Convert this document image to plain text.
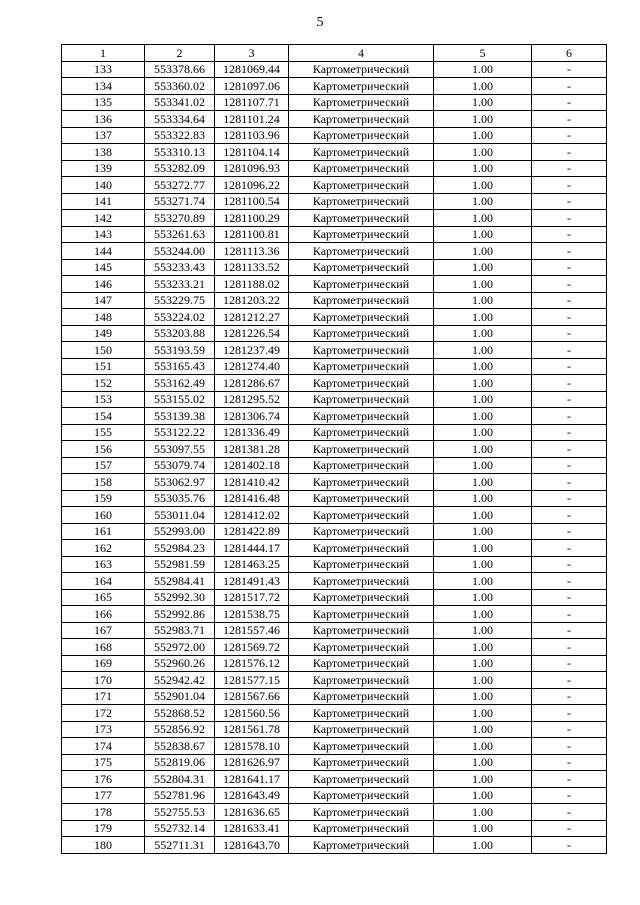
5
1	2	3	4	5	6
133	553378.66	1281069.44	Картометрический	1.00	-
134	553360.02	1281097.06	Картометрический	1.00	-
135	553341.02	1281107.71	Картометрический	1.00	-
136	553334.64	1281101.24	Картометрический	1.00	-
137	553322.83	1281103.96	Картометрический	1.00	-
138	553310.13	1281104.14	Картометрический	1.00	-
139	553282.09	1281096.93	Картометрический	1.00	-
140	553272.77	1281096.22	Картометрический	1.00	-
141	553271.74	1281100.54	Картометрический	1.00	-
142	553270.89	1281100.29	Картометрический	1.00	-
143	553261.63	1281100.81	Картометрический	1.00	-
144	553244.00	1281113.36	Картометрический	1.00	-
145	553233.43	1281133.52	Картометрический	1.00	-
146	553233.21	1281188.02	Картометрический	1.00	-
147	553229.75	1281203.22	Картометрический	1.00	-
148	553224.02	1281212.27	Картометрический	1.00	-
149	553203.88	1281226.54	Картометрический	1.00	-
150	553193.59	1281237.49	Картометрический	1.00	-
151	553165.43	1281274.40	Картометрический	1.00	-
152	553162.49	1281286.67	Картометрический	1.00	-
153	553155.02	1281295.52	Картометрический	1.00	-
154	553139.38	1281306.74	Картометрический	1.00	-
155	553122.22	1281336.49	Картометрический	1.00	-
156	553097.55	1281381.28	Картометрический	1.00	-
157	553079.74	1281402.18	Картометрический	1.00	-
158	553062.97	1281410.42	Картометрический	1.00	-
159	553035.76	1281416.48	Картометрический	1.00	-
160	553011.04	1281412.02	Картометрический	1.00	-
161	552993.00	1281422.89	Картометрический	1.00	-
162	552984.23	1281444.17	Картометрический	1.00	-
163	552981.59	1281463.25	Картометрический	1.00	-
164	552984.41	1281491.43	Картометрический	1.00	-
165	552992.30	1281517.72	Картометрический	1.00	-
166	552992.86	1281538.75	Картометрический	1.00	-
167	552983.71	1281557.46	Картометрический	1.00	-
168	552972.00	1281569.72	Картометрический	1.00	-
169	552960.26	1281576.12	Картометрический	1.00	-
170	552942.42	1281577.15	Картометрический	1.00	-
171	552901.04	1281567.66	Картометрический	1.00	-
172	552868.52	1281560.56	Картометрический	1.00	-
173	552856.92	1281561.78	Картометрический	1.00	-
174	552838.67	1281578.10	Картометрический	1.00	-
175	552819.06	1281626.97	Картометрический	1.00	-
176	552804.31	1281641.17	Картометрический	1.00	-
177	552781.96	1281643.49	Картометрический	1.00	-
178	552755.53	1281636.65	Картометрический	1.00	-
179	552732.14	1281633.41	Картометрический	1.00	-
180	552711.31	1281643.70	Картометрический	1.00	-
